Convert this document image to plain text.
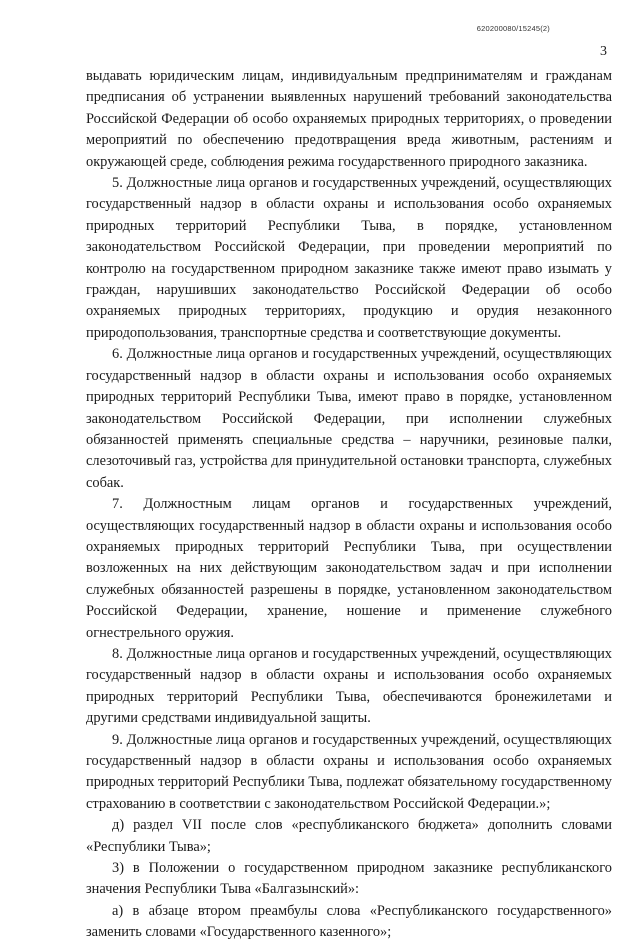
620200080/15245(2)
3

выдавать юридическим лицам, индивидуальным предпринимателям и гражданам предписания об устранении выявленных нарушений требований законодательства Российской Федерации об особо охраняемых природных территориях, о проведении мероприятий по обеспечению предотвращения вреда животным, растениям и окружающей среде, соблюдения режима государственного природного заказника.

5. Должностные лица органов и государственных учреждений, осуществляющих государственный надзор в области охраны и использования особо охраняемых природных территорий Республики Тыва, в порядке, установленном законодательством Российской Федерации, при проведении мероприятий по контролю на государственном природном заказнике также имеют право изымать у граждан, нарушивших законодательство Российской Федерации об особо охраняемых природных территориях, продукцию и орудия незаконного природопользования, транспортные средства и соответствующие документы.

6. Должностные лица органов и государственных учреждений, осуществляющих государственный надзор в области охраны и использования особо охраняемых природных территорий Республики Тыва, имеют право в порядке, установленном законодательством Российской Федерации, при исполнении служебных обязанностей применять специальные средства – наручники, резиновые палки, слезоточивый газ, устройства для принудительной остановки транспорта, служебных собак.

7. Должностным лицам органов и государственных учреждений, осуществляющих государственный надзор в области охраны и использования особо охраняемых природных территорий Республики Тыва, при осуществлении возложенных на них действующим законодательством задач и при исполнении служебных обязанностей разрешены в порядке, установленном законодательством Российской Федерации, хранение, ношение и применение служебного огнестрельного оружия.

8. Должностные лица органов и государственных учреждений, осуществляющих государственный надзор в области охраны и использования особо охраняемых природных территорий Республики Тыва, обеспечиваются бронежилетами и другими средствами индивидуальной защиты.

9. Должностные лица органов и государственных учреждений, осуществляющих государственный надзор в области охраны и использования особо охраняемых природных территорий Республики Тыва, подлежат обязательному государственному страхованию в соответствии с законодательством Российской Федерации.»;

д) раздел VII после слов «республиканского бюджета» дополнить словами «Республики Тыва»;

3) в Положении о государственном природном заказнике республиканского значения Республики Тыва «Балгазынский»:

а) в абзаце втором преамбулы слова «Республиканского государственного» заменить словами «Государственного казенного»;
